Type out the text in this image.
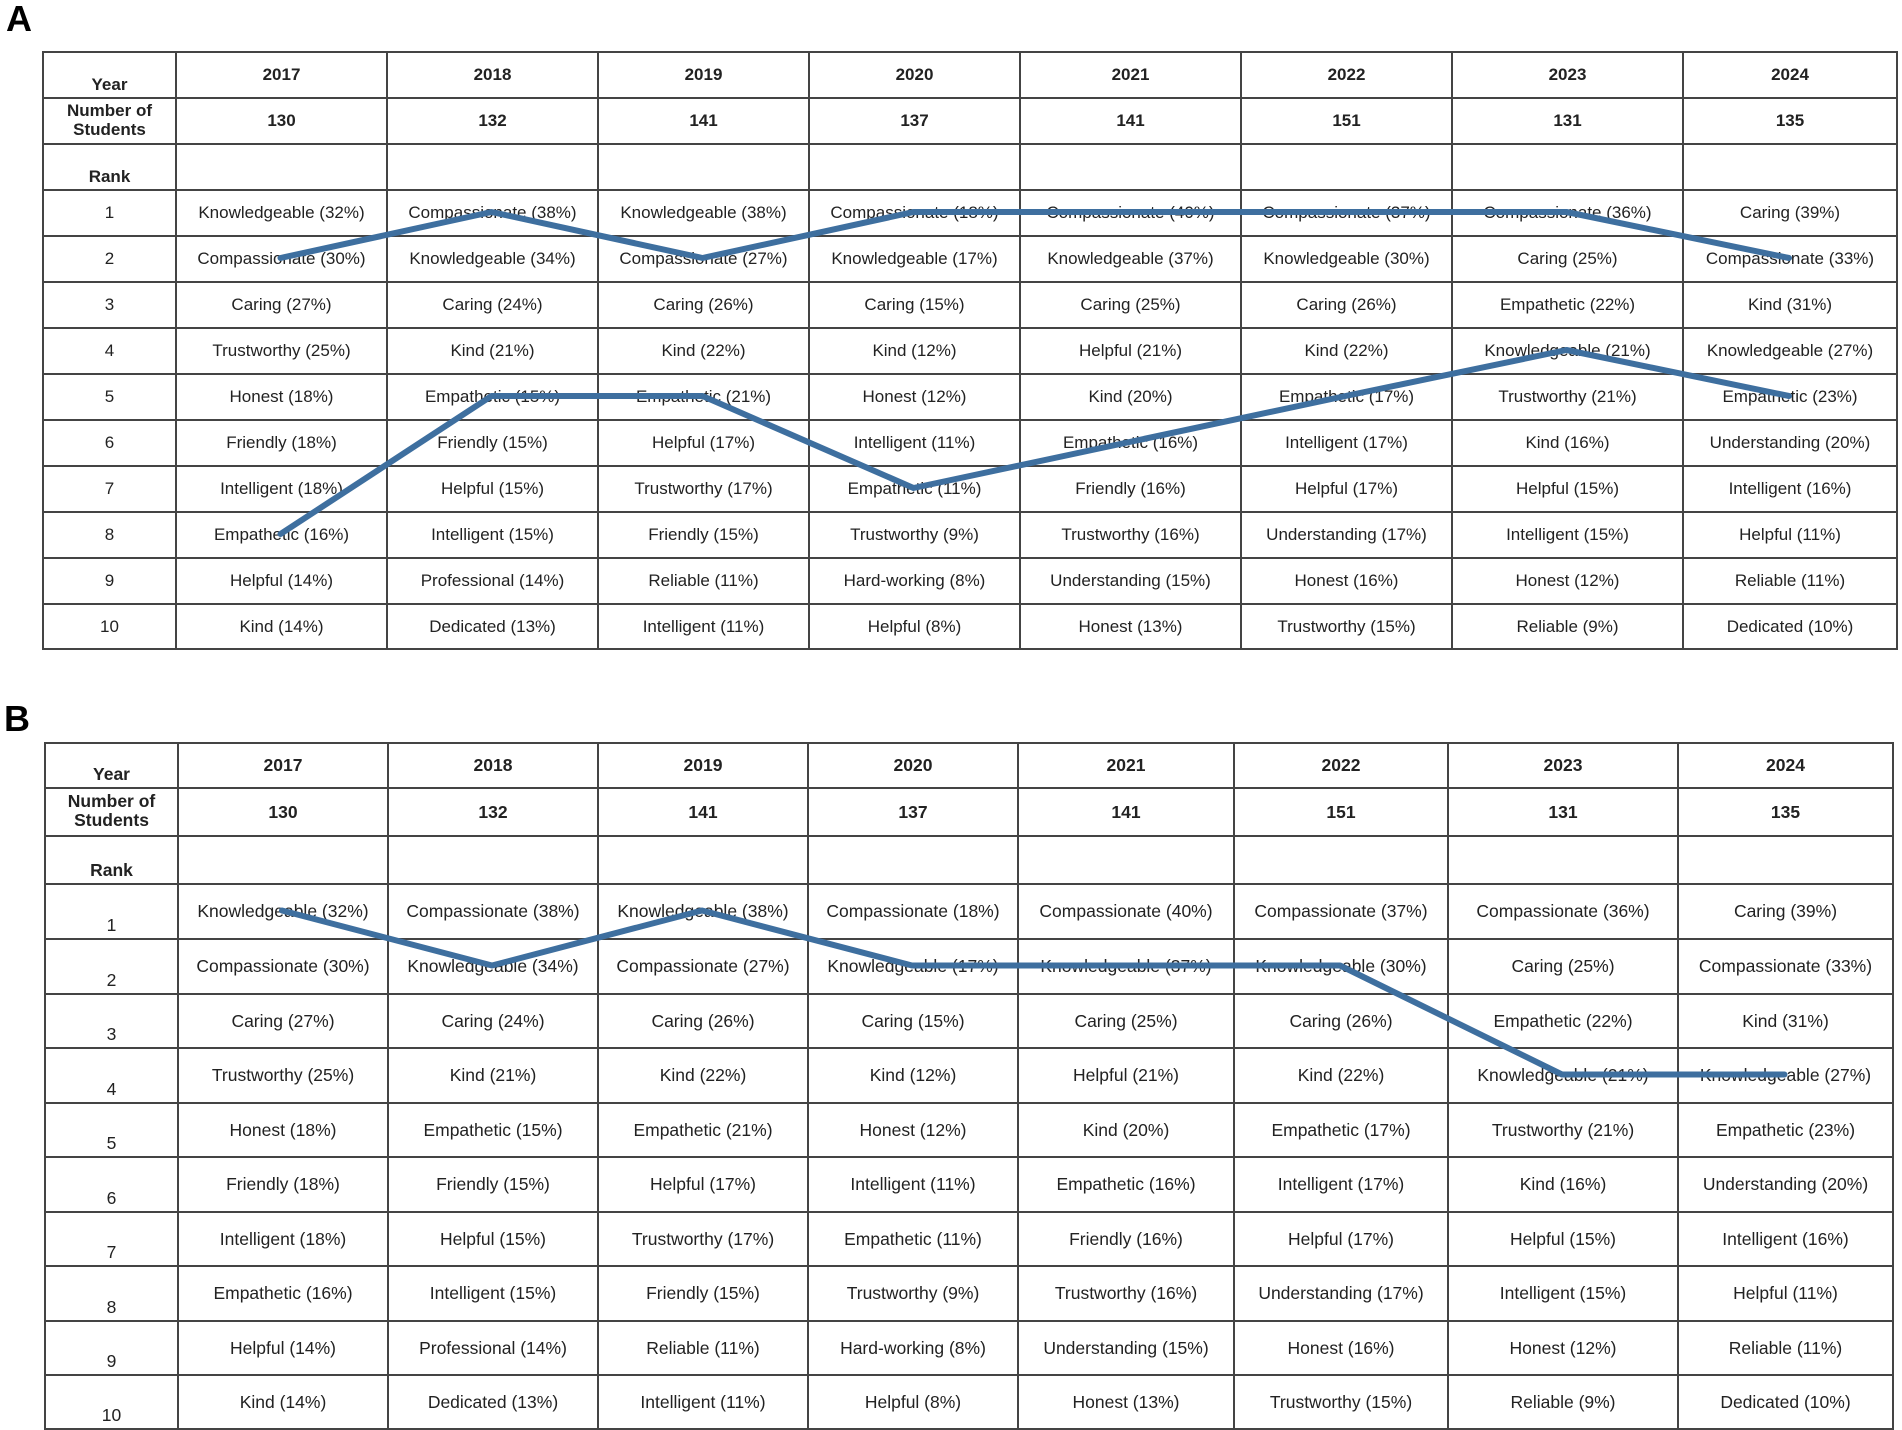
A
Year	2017	2018	2019	2020	2021	2022	2023	2024
Number of Students	130	132	141	137	141	151	131	135
Rank								
1	Knowledgeable (32%)	Compassionate (38%)	Knowledgeable (38%)	Compassionate (18%)	Compassionate (40%)	Compassionate (37%)	Compassionate (36%)	Caring (39%)
2	Compassionate (30%)	Knowledgeable (34%)	Compassionate (27%)	Knowledgeable (17%)	Knowledgeable (37%)	Knowledgeable (30%)	Caring (25%)	Compassionate (33%)
3	Caring (27%)	Caring (24%)	Caring (26%)	Caring (15%)	Caring (25%)	Caring (26%)	Empathetic (22%)	Kind (31%)
4	Trustworthy (25%)	Kind (21%)	Kind (22%)	Kind (12%)	Helpful (21%)	Kind (22%)	Knowledgeable (21%)	Knowledgeable (27%)
5	Honest (18%)	Empathetic (15%)	Empathetic (21%)	Honest (12%)	Kind (20%)	Empathetic (17%)	Trustworthy (21%)	Empathetic (23%)
6	Friendly (18%)	Friendly (15%)	Helpful (17%)	Intelligent (11%)	Empathetic (16%)	Intelligent (17%)	Kind (16%)	Understanding (20%)
7	Intelligent (18%)	Helpful (15%)	Trustworthy (17%)	Empathetic (11%)	Friendly (16%)	Helpful (17%)	Helpful (15%)	Intelligent (16%)
8	Empathetic (16%)	Intelligent (15%)	Friendly (15%)	Trustworthy (9%)	Trustworthy (16%)	Understanding (17%)	Intelligent (15%)	Helpful (11%)
9	Helpful (14%)	Professional (14%)	Reliable (11%)	Hard-working (8%)	Understanding (15%)	Honest (16%)	Honest (12%)	Reliable (11%)
10	Kind (14%)	Dedicated (13%)	Intelligent (11%)	Helpful (8%)	Honest (13%)	Trustworthy (15%)	Reliable (9%)	Dedicated (10%)
B
Year	2017	2018	2019	2020	2021	2022	2023	2024
Number of Students	130	132	141	137	141	151	131	135
Rank								
1	Knowledgeable (32%)	Compassionate (38%)	Knowledgeable (38%)	Compassionate (18%)	Compassionate (40%)	Compassionate (37%)	Compassionate (36%)	Caring (39%)
2	Compassionate (30%)	Knowledgeable (34%)	Compassionate (27%)	Knowledgeable (17%)	Knowledgeable (37%)	Knowledgeable (30%)	Caring (25%)	Compassionate (33%)
3	Caring (27%)	Caring (24%)	Caring (26%)	Caring (15%)	Caring (25%)	Caring (26%)	Empathetic (22%)	Kind (31%)
4	Trustworthy (25%)	Kind (21%)	Kind (22%)	Kind (12%)	Helpful (21%)	Kind (22%)	Knowledgeable (21%)	Knowledgeable (27%)
5	Honest (18%)	Empathetic (15%)	Empathetic (21%)	Honest (12%)	Kind (20%)	Empathetic (17%)	Trustworthy (21%)	Empathetic (23%)
6	Friendly (18%)	Friendly (15%)	Helpful (17%)	Intelligent (11%)	Empathetic (16%)	Intelligent (17%)	Kind (16%)	Understanding (20%)
7	Intelligent (18%)	Helpful (15%)	Trustworthy (17%)	Empathetic (11%)	Friendly (16%)	Helpful (17%)	Helpful (15%)	Intelligent (16%)
8	Empathetic (16%)	Intelligent (15%)	Friendly (15%)	Trustworthy (9%)	Trustworthy (16%)	Understanding (17%)	Intelligent (15%)	Helpful (11%)
9	Helpful (14%)	Professional (14%)	Reliable (11%)	Hard-working (8%)	Understanding (15%)	Honest (16%)	Honest (12%)	Reliable (11%)
10	Kind (14%)	Dedicated (13%)	Intelligent (11%)	Helpful (8%)	Honest (13%)	Trustworthy (15%)	Reliable (9%)	Dedicated (10%)
